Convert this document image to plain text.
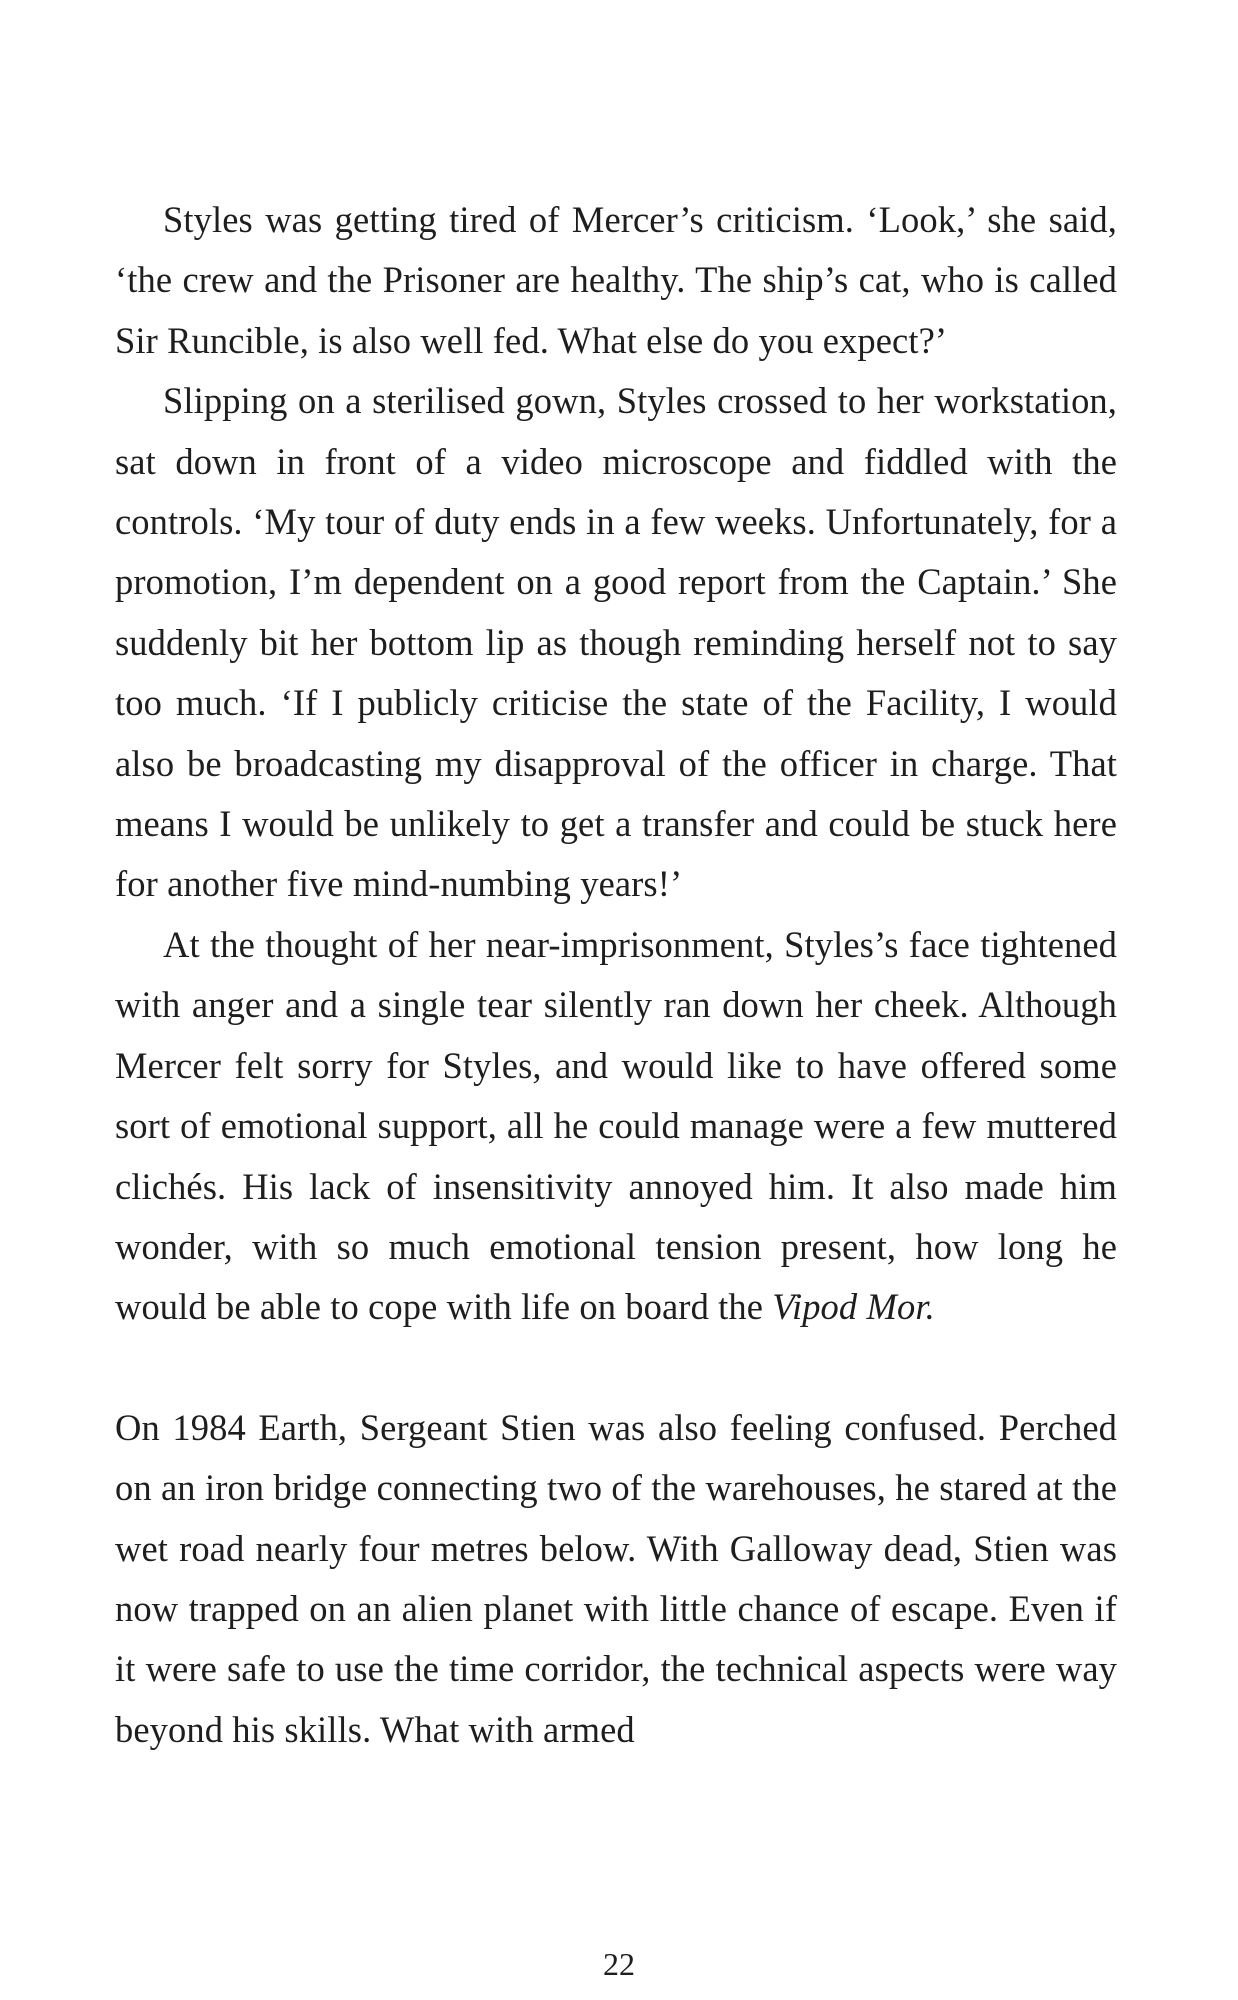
Styles was getting tired of Mercer’s criticism. ‘Look,’ she said, ‘the crew and the Prisoner are healthy. The ship’s cat, who is called Sir Runcible, is also well fed. What else do you expect?’

Slipping on a sterilised gown, Styles crossed to her workstation, sat down in front of a video microscope and fiddled with the controls. ‘My tour of duty ends in a few weeks. Unfortunately, for a promotion, I’m dependent on a good report from the Captain.’ She suddenly bit her bottom lip as though reminding herself not to say too much. ‘If I publicly criticise the state of the Facility, I would also be broadcasting my disapproval of the officer in charge. That means I would be unlikely to get a transfer and could be stuck here for another five mind-numbing years!’

At the thought of her near-imprisonment, Styles’s face tightened with anger and a single tear silently ran down her cheek. Although Mercer felt sorry for Styles, and would like to have offered some sort of emotional support, all he could manage were a few muttered clichés. His lack of insensitivity annoyed him. It also made him wonder, with so much emotional tension present, how long he would be able to cope with life on board the Vipod Mor.

On 1984 Earth, Sergeant Stien was also feeling confused. Perched on an iron bridge connecting two of the warehouses, he stared at the wet road nearly four metres below. With Galloway dead, Stien was now trapped on an alien planet with little chance of escape. Even if it were safe to use the time corridor, the technical aspects were way beyond his skills. What with armed

22
